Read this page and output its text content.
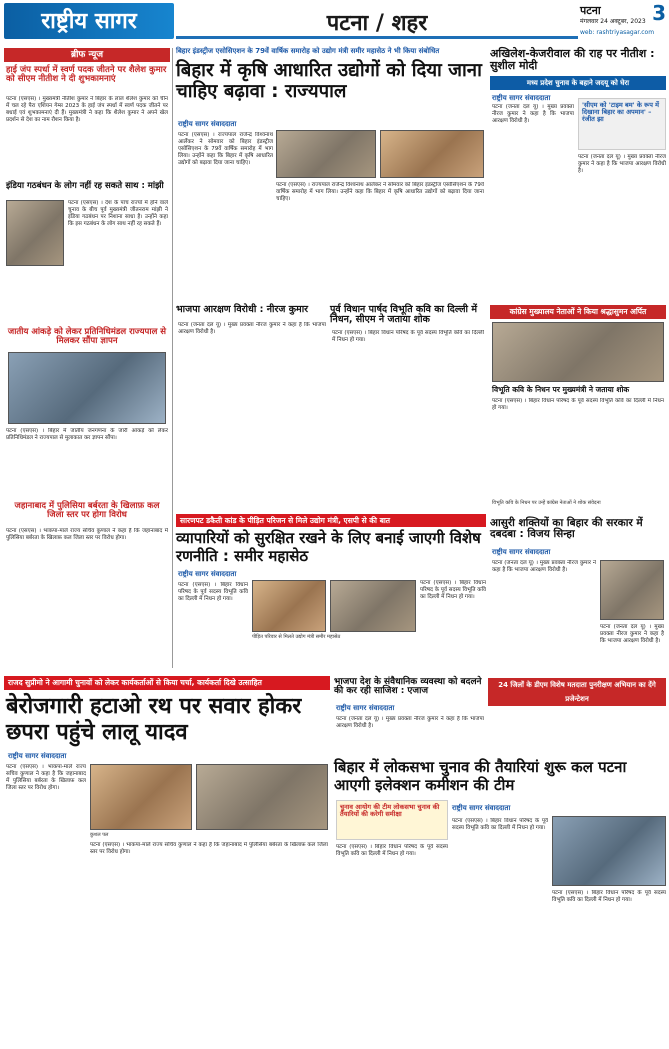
राष्ट्रीय सागर	पटना / शहर
पटना	3
मंगलवार 24 अक्टूबर, 2023
web: rashtriyasagar.com
ब्रीफ न्यूज
हाई जंप स्पर्धा में स्वर्ण पदक जीतने पर शैलेश कुमार को सीएम नीतीश ने दी शुभकामनाएं
पटना (एसएस) । मुख्यमंत्री नीतीश कुमार ने बिहार के लाल शैलेश कुमार को चीन में चल रहे पैरा एशियन गेम्स 2023 के हाई जंप स्पर्धा में स्वर्ण पदक जीतने पर बधाई एवं शुभकामनाएं दी हैं। मुख्यमंत्री ने कहा कि शैलेश कुमार ने अपने खेल प्रदर्शन से देश का नाम रौशन किया है।
इंडिया गठबंधन के लोग नहीं रह सकते साथ : मांझी
पटना (एसएस) । देश के पांच राज्यों में होने वाले चुनाव के बीच पूर्व मुख्यमंत्री जीतनराम मांझी ने इंडिया गठबंधन पर निशाना साधा है। उन्होंने कहा कि इस गठबंधन के लोग साथ नहीं रह सकते हैं।
जातीय आंकड़े को लेकर प्रतिनिधिमंडल राज्यपाल से मिलकर सौंपा ज्ञापन
पटना (एसएस) । बिहार में जातीय जनगणना के जारी आंकड़े को लेकर प्रतिनिधिमंडल ने राज्यपाल से मुलाकात कर ज्ञापन सौंपा।
जहानाबाद में पुलिसिया बर्बरता के खिलाफ़ कल जिला स्तर पर होगा विरोध
पटना (एसएस) । भाकपा-माले राज्य सचिव कुणाल ने कहा है कि जहानाबाद में पुलिसिया बर्बरता के खिलाफ़ कल जिला स्तर पर विरोध होगा।
बिहार इंडस्ट्रीज एसोसिएशन के 79वें वार्षिक समारोह को उद्योग मंत्री समीर महासेठ ने भी किया संबोधित
बिहार में कृषि आधारित उद्योगों को दिया जाना चाहिए बढ़ावा : राज्यपाल
राष्ट्रीय सागर संवाददाता
पटना (एसएस) । राज्यपाल राजेन्द्र विश्वनाथ आर्लेकर ने सोमवार को बिहार इंडस्ट्रीज एसोसिएशन के 79वें वार्षिक समारोह में भाग लिया। उन्होंने कहा कि बिहार में कृषि आधारित उद्योगों को बढ़ावा दिया जाना चाहिए।
पटना (एसएस) । राज्यपाल राजेन्द्र विश्वनाथ आर्लेकर ने सोमवार को बिहार इंडस्ट्रीज एसोसिएशन के 79वें वार्षिक समारोह में भाग लिया। उन्होंने कहा कि बिहार में कृषि आधारित उद्योगों को बढ़ावा दिया जाना चाहिए।
अखिलेश-केजरीवाल की राह पर नीतीश : सुशील मोदी
मध्य प्रदेश चुनाव के बहाने जदयू को घेरा
राष्ट्रीय सागर संवाददाता
पटना (जनता दल यू) । मुख्य प्रवक्ता नीरज कुमार ने कहा है कि भाजपा आरक्षण विरोधी है।
'सीएम को 'टाइम बम' के रूप में दिखाना बिहार का अपमान' – रंजीत झा
पटना (जनता दल यू) । मुख्य प्रवक्ता नीरज कुमार ने कहा है कि भाजपा आरक्षण विरोधी है।
भाजपा आरक्षण विरोधी : नीरज कुमार
पटना (जनता दल यू) । मुख्य प्रवक्ता नीरज कुमार ने कहा है कि भाजपा आरक्षण विरोधी है।
पूर्व विधान पार्षद विभूति कवि का दिल्ली में निधन, सीएम ने जताया शोक
पटना (एसएस) । बिहार विधान परिषद के पूर्व सदस्य विभूति कवि का दिल्ली में निधन हो गया।
कांग्रेस मुख्यालय नेताओं ने किया श्रद्धासुमन अर्पित
विभूति कवि के निधन पर मुख्यमंत्री ने जताया शोक
पटना (एसएस) । बिहार विधान परिषद के पूर्व सदस्य विभूति कवि का दिल्ली में निधन हो गया।
विभूति कवि के निधन पर उन्हें कांग्रेस नेताओं ने शोक संवेदना
सारणपट डकैती कांड के पीड़ित परिजन से मिले उद्योग मंत्री, एसपी से की बात
व्यापारियों को सुरक्षित रखने के लिए बनाई जाएगी विशेष रणनीति : समीर महासेठ
राष्ट्रीय सागर संवाददाता
पटना (एसएस) । बिहार विधान परिषद के पूर्व सदस्य विभूति कवि का दिल्ली में निधन हो गया।
पीड़ित परिवार से मिलते उद्योग मंत्री समीर महासेठ
पटना (एसएस) । बिहार विधान परिषद के पूर्व सदस्य विभूति कवि का दिल्ली में निधन हो गया।
आसुरी शक्तियों का बिहार की सरकार में दबदबा : विजय सिन्हा
राष्ट्रीय सागर संवाददाता
पटना (जनता दल यू) । मुख्य प्रवक्ता नीरज कुमार ने कहा है कि भाजपा आरक्षण विरोधी है।
पटना (जनता दल यू) । मुख्य प्रवक्ता नीरज कुमार ने कहा है कि भाजपा आरक्षण विरोधी है।
राजद सुप्रीमो ने आगामी चुनावों को लेकर कार्यकर्ताओं से किया चर्चा, कार्यकर्ता दिखे उत्साहित
बेरोजगारी हटाओ रथ पर सवार होकर छपरा पहुंचे लालू यादव
राष्ट्रीय सागर संवाददाता
पटना (एसएस) । भाकपा-माले राज्य सचिव कुणाल ने कहा है कि जहानाबाद में पुलिसिया बर्बरता के खिलाफ़ कल जिला स्तर पर विरोध होगा।
कुशल पल
पटना (एसएस) । भाकपा-माले राज्य सचिव कुणाल ने कहा है कि जहानाबाद में पुलिसिया बर्बरता के खिलाफ़ कल जिला स्तर पर विरोध होगा।
भाजपा देश के संवैधानिक व्यवस्था को बदलने की कर रही साजिश : एजाज
राष्ट्रीय सागर संवाददाता
पटना (जनता दल यू) । मुख्य प्रवक्ता नीरज कुमार ने कहा है कि भाजपा आरक्षण विरोधी है।
24 जिलों के डीएम विशेष मतदाता पुनरीक्षण अभियान का देंगे प्रजेन्टेशन
बिहार में लोकसभा चुनाव की तैयारियां शुरू कल पटना आएगी इलेक्शन कमीशन की टीम
चुनाव आयोग की टीम लोकसभा चुनाव की तैयारियों की करेगी समीक्षा
राष्ट्रीय सागर संवाददाता
पटना (एसएस) । बिहार विधान परिषद के पूर्व सदस्य विभूति कवि का दिल्ली में निधन हो गया।
पटना (एसएस) । बिहार विधान परिषद के पूर्व सदस्य विभूति कवि का दिल्ली में निधन हो गया।
पटना (एसएस) । बिहार विधान परिषद के पूर्व सदस्य विभूति कवि का दिल्ली में निधन हो गया।
